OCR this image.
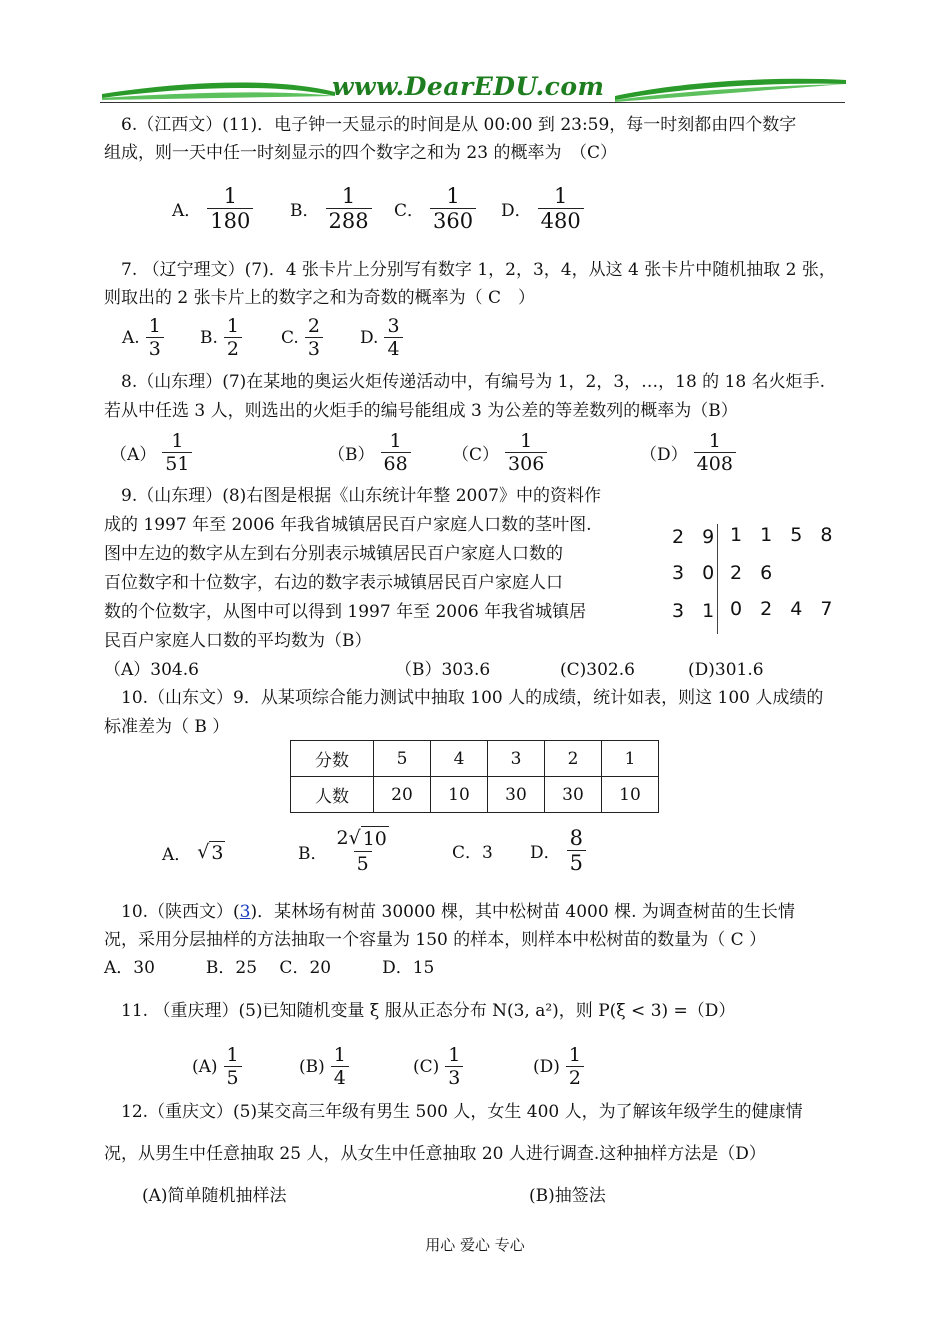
www.DearEDU.com
6.（江西文）(11)．电子钟一天显示的时间是从 00:00 到 23:59，每一时刻都由四个数字
组成，则一天中任一时刻显示的四个数字之和为 23 的概率为　（C）
A． $\frac{1}{180}$ B． $\frac{1}{288}$ C． $\frac{1}{360}$ D． $\frac{1}{480}$
7. （辽宁理文）(7)．4 张卡片上分别写有数字 1，2，3，4，从这 4 张卡片中随机抽取 2 张，
则取出的 2 张卡片上的数字之和为奇数的概率为（ C　）
A. $\frac{1}{3} B$. $\frac{1}{2} C$. $\frac{2}{3} D$. $\frac{3}{4}$
8.（山东理）(7)在某地的奥运火炬传递活动中，有编号为 1，2，3，…，18 的 18 名火炬手.
若从中任选 3 人，则选出的火炬手的编号能组成 3 为公差的等差数列的概率为（B）
$(A) \frac{1}{51}$	$(B) \frac{1}{68} (C) \frac{1}{306}$	$(D) \frac{1}{408}$
9.（山东理）(8)右图是根据《山东统计年整 2007》中的资料作
成的 1997 年至 2006 年我省城镇居民百户家庭人口数的茎叶图.
图中左边的数字从左到右分别表示城镇居民百户家庭人口数的
百位数字和十位数字，右边的数字表示城镇居民百户家庭人口
数的个位数字，从图中可以得到 1997 年至 2006 年我省城镇居
民百户家庭人口数的平均数为（B）
2 9 1 1 5 8
3 0 2 6
3 1 0 2 4 7
（A）304.6	（B）303.6	(C)302.6	(D)301.6
10.（山东文）9．从某项综合能力测试中抽取 100 人的成绩，统计如表，则这 100 人成绩的
标准差为（ B ）
分数	5	4	3	2	1
人数	20	10	30	30	10
A． √ 3	B． $\frac{2√ 10}{5}$	C．3 D． $\frac{8}{5}$
10.（陕西文）(3)．某林场有树苗 30000 棵，其中松树苗 4000 棵. 为调查树苗的生长情
况，采用分层抽样的方法抽取一个容量为 150 的样本，则样本中松树苗的数量为（ C ）
A．30　　　B．25　 C．20　　　D．15
11. （重庆理）(5)已知随机变量 ξ 服从正态分布 N(3, a²)，则 P(ξ < 3) =（D）
$(A) \frac{1}{5}$	$(B) \frac{1}{4}$	$(C) \frac{1}{3}$	$(D) \frac{1}{2}$
12.（重庆文）(5)某交高三年级有男生 500 人，女生 400 人，为了解该年级学生的健康情
况，从男生中任意抽取 25 人，从女生中任意抽取 20 人进行调查.这种抽样方法是（D）
(A)简单随机抽样法	(B)抽签法
用心 爱心 专心
